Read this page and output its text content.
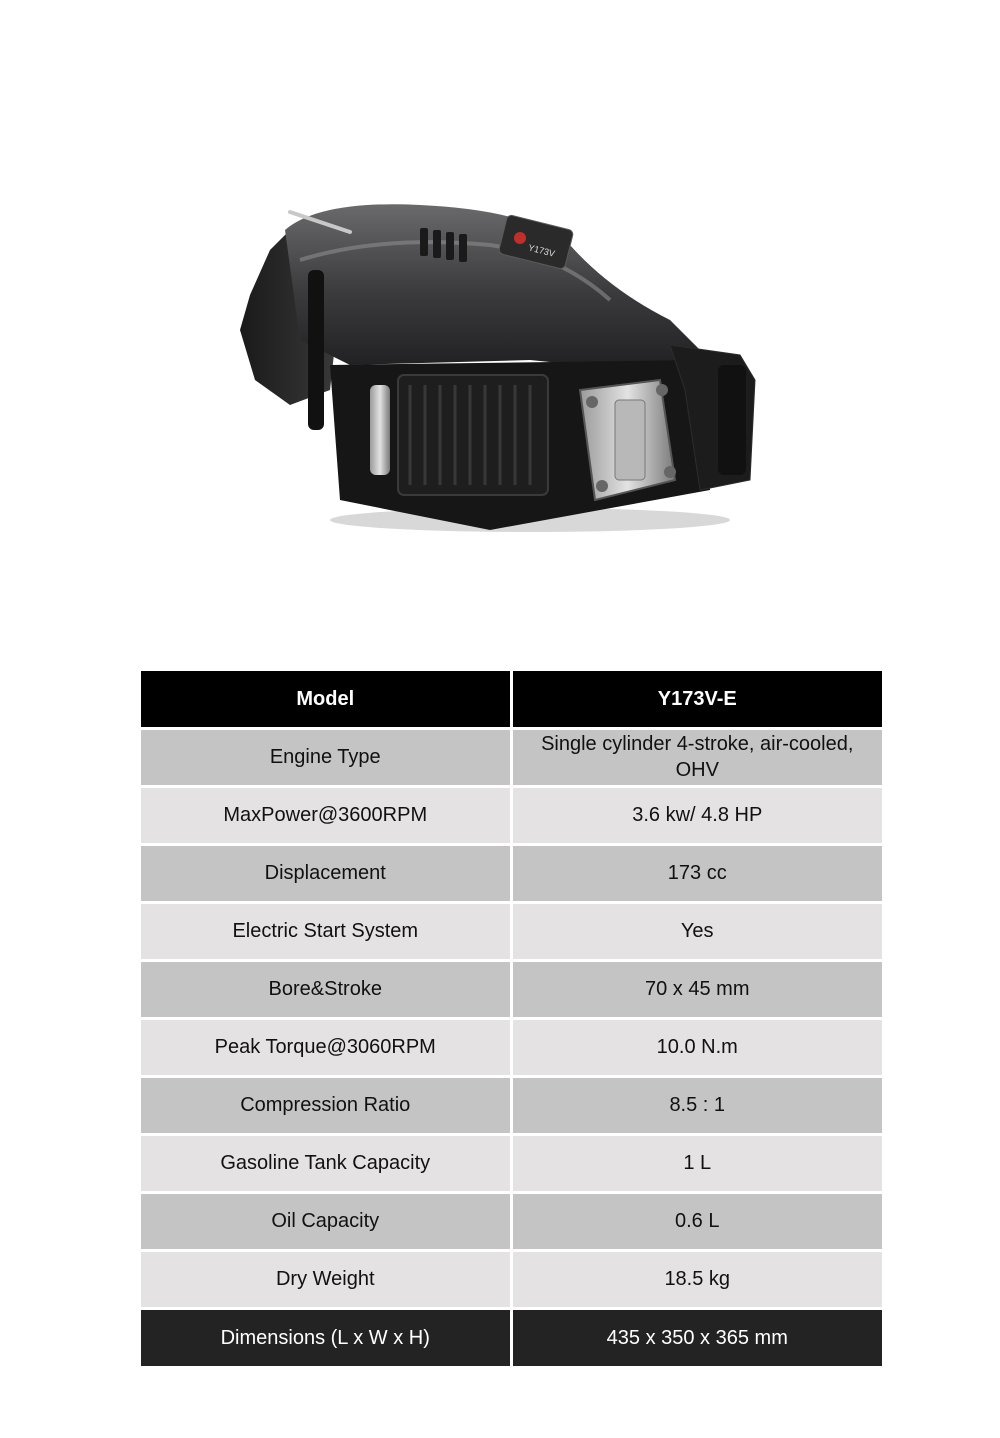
Y173V
Model	Y173V-E
Engine Type	Single cylinder 4-stroke, air-cooled, OHV
MaxPower@3600RPM	3.6 kw/ 4.8 HP
Displacement	173 cc
Electric Start System	Yes
Bore&Stroke	70 x 45 mm
Peak Torque@3060RPM	10.0 N.m
Compression Ratio	8.5 : 1
Gasoline Tank Capacity	1 L
Oil Capacity	0.6 L
Dry Weight	18.5 kg
Dimensions (L x W x H)	435 x 350 x 365 mm
